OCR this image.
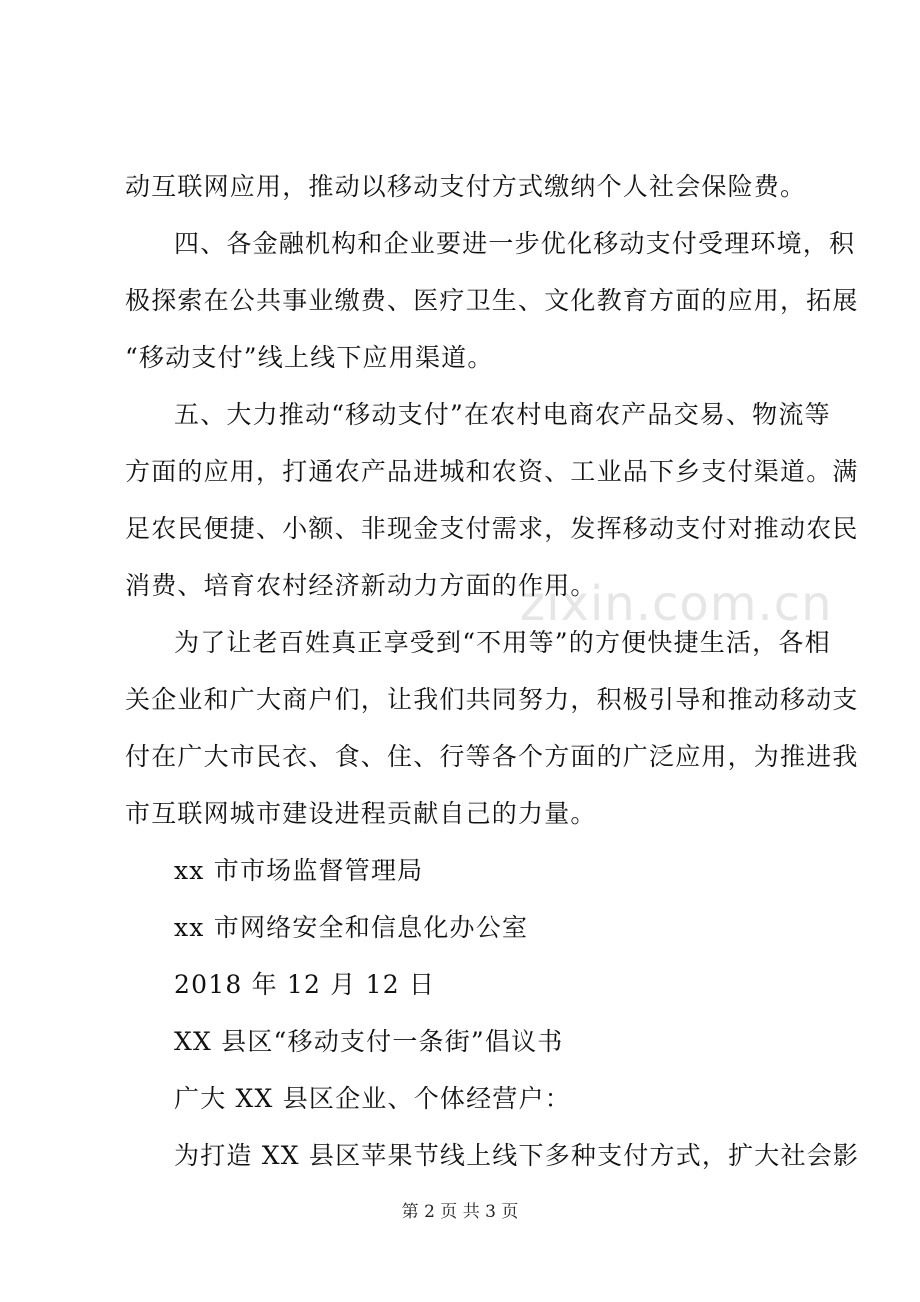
zixin.com.cn
动互联网应用，推动以移动支付方式缴纳个人社会保险费。
四、各金融机构和企业要进一步优化移动支付受理环境，积
极探索在公共事业缴费、医疗卫生、文化教育方面的应用，拓展
“移动支付”线上线下应用渠道。
五、大力推动“移动支付”在农村电商农产品交易、物流等
方面的应用，打通农产品进城和农资、工业品下乡支付渠道。满
足农民便捷、小额、非现金支付需求，发挥移动支付对推动农民
消费、培育农村经济新动力方面的作用。
为了让老百姓真正享受到“不用等”的方便快捷生活，各相
关企业和广大商户们，让我们共同努力，积极引导和推动移动支
付在广大市民衣、食、住、行等各个方面的广泛应用，为推进我
市互联网城市建设进程贡献自己的力量。
xx 市市场监督管理局
xx 市网络安全和信息化办公室
2018 年 12 月 12 日
XX 县区“移动支付一条街”倡议书
广大 XX 县区企业、个体经营户：
为打造 XX 县区苹果节线上线下多种支付方式，扩大社会影
第 2 页 共 3 页
